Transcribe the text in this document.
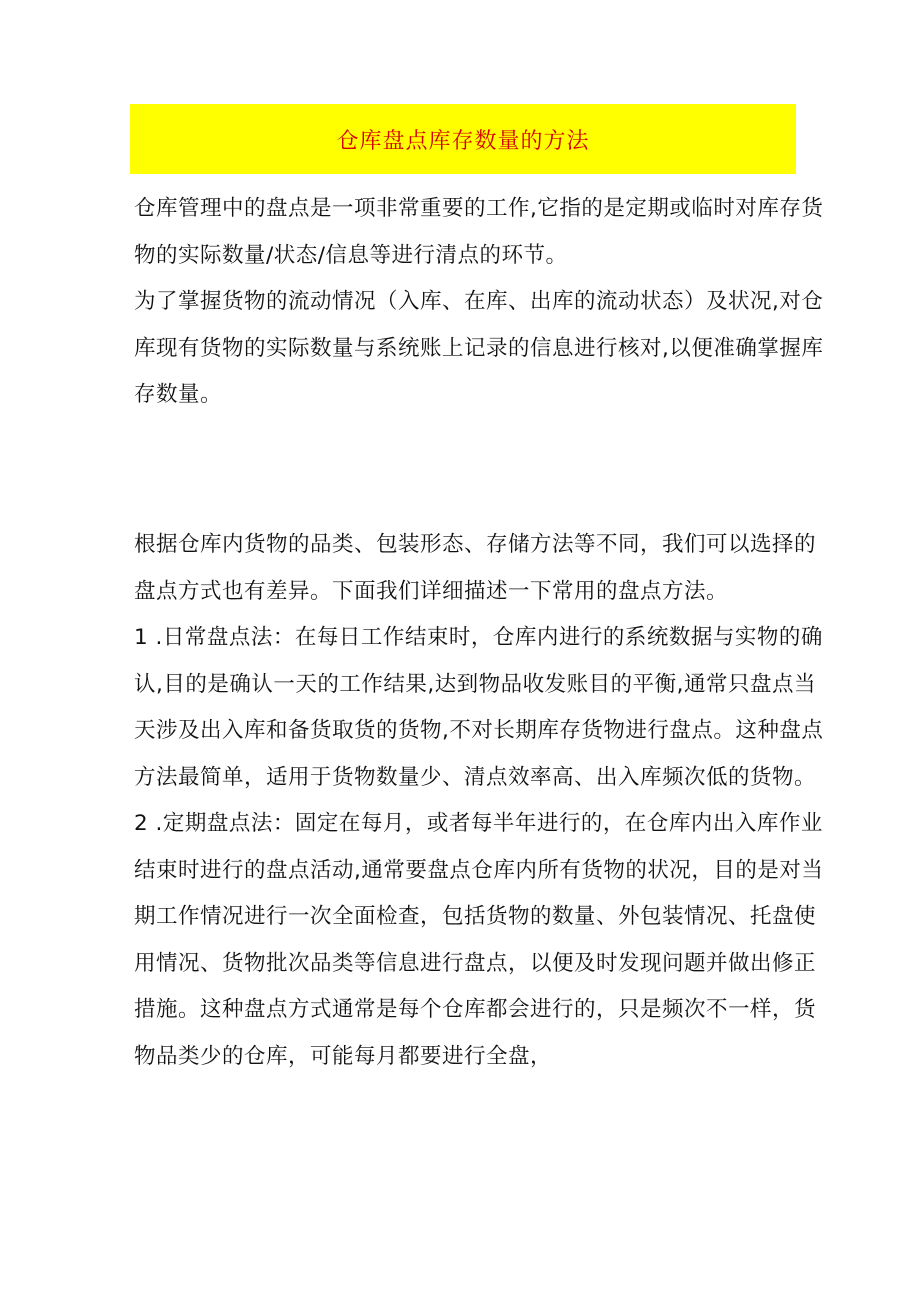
仓库盘点库存数量的方法

仓库管理中的盘点是一项非常重要的工作,它指的是定期或临时对库存货物的实际数量/状态/信息等进行清点的环节。

为了掌握货物的流动情况（入库、在库、出库的流动状态）及状况,对仓库现有货物的实际数量与系统账上记录的信息进行核对,以便准确掌握库存数量。

根据仓库内货物的品类、包装形态、存储方法等不同，我们可以选择的盘点方式也有差异。下面我们详细描述一下常用的盘点方法。

1 .日常盘点法：在每日工作结束时，仓库内进行的系统数据与实物的确认,目的是确认一天的工作结果,达到物品收发账目的平衡,通常只盘点当天涉及出入库和备货取货的货物,不对长期库存货物进行盘点。这种盘点方法最简单，适用于货物数量少、清点效率高、出入库频次低的货物。

2 .定期盘点法：固定在每月，或者每半年进行的，在仓库内出入库作业结束时进行的盘点活动,通常要盘点仓库内所有货物的状况，目的是对当期工作情况进行一次全面检查，包括货物的数量、外包装情况、托盘使用情况、货物批次品类等信息进行盘点，以便及时发现问题并做出修正措施。这种盘点方式通常是每个仓库都会进行的，只是频次不一样，货物品类少的仓库，可能每月都要进行全盘，
